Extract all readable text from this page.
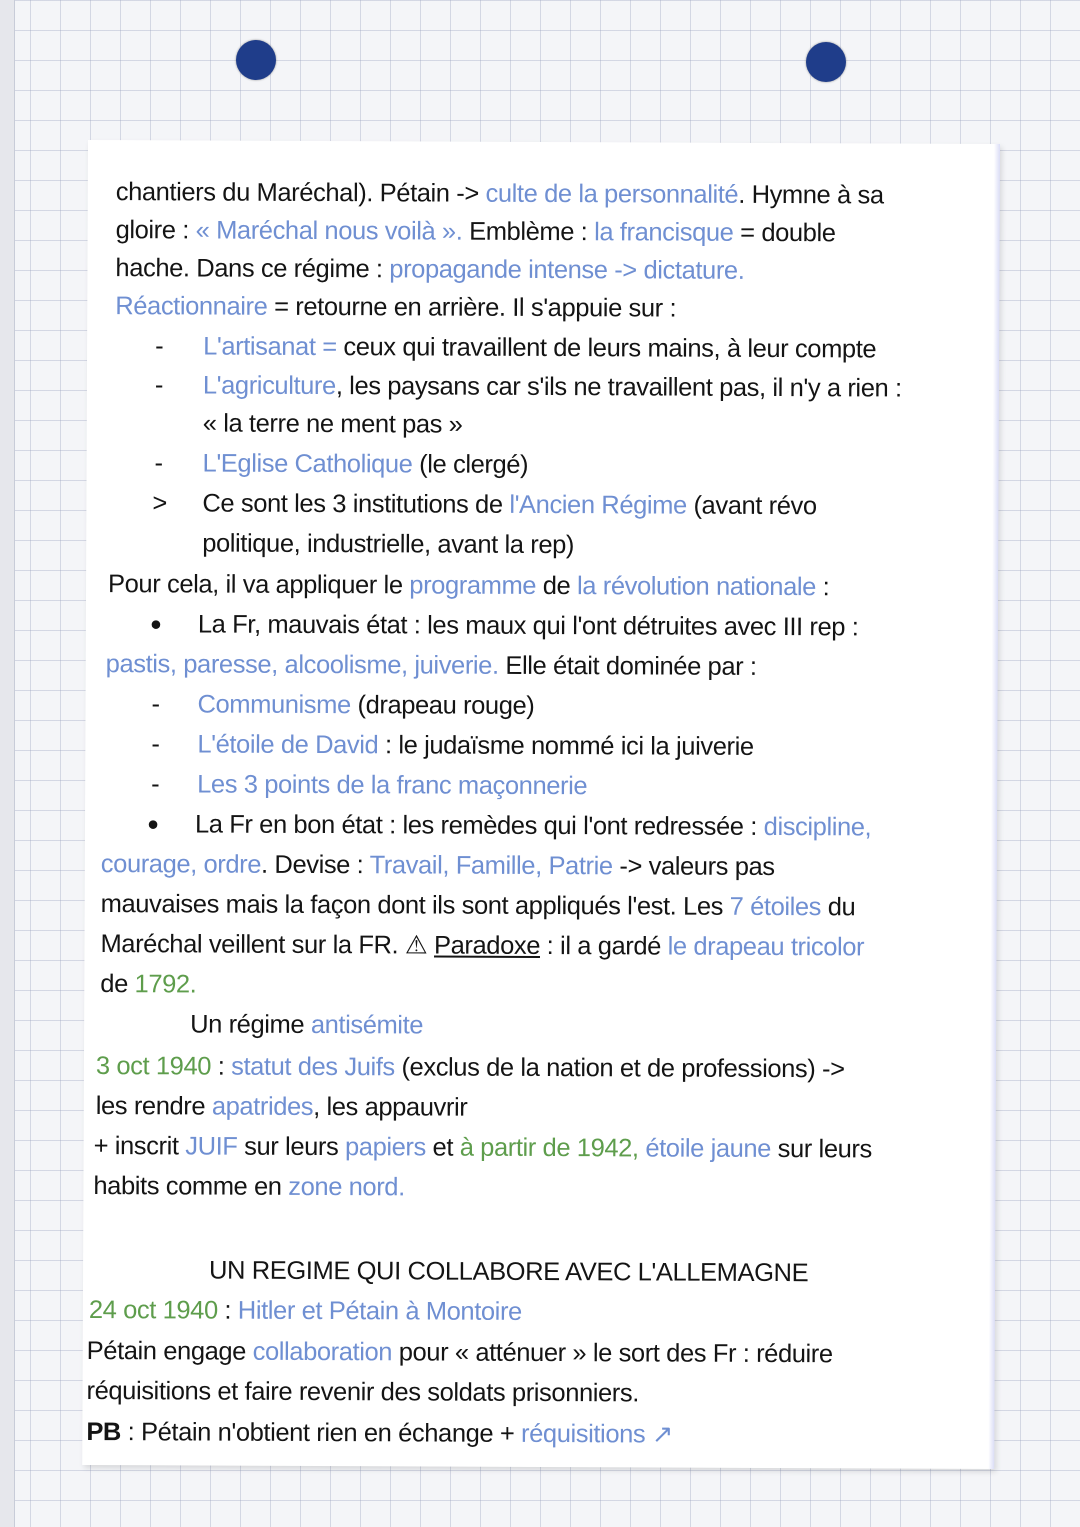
chantiers du Maréchal). Pétain -> culte de la personnalité. Hymne à sa
gloire : « Maréchal nous voilà ». Emblème : la francisque = double
hache. Dans ce régime : propagande intense -> dictature.
Réactionnaire = retourne en arrière. Il s'appuie sur :
- L'artisanat = ceux qui travaillent de leurs mains, à leur compte
- L'agriculture, les paysans car s'ils ne travaillent pas, il n'y a rien :
« la terre ne ment pas »
- L'Eglise Catholique (le clergé)
> Ce sont les 3 institutions de l'Ancien Régime (avant révo
politique, industrielle, avant la rep)
Pour cela, il va appliquer le programme de la révolution nationale :
● La Fr, mauvais état : les maux qui l'ont détruites avec III rep :
pastis, paresse, alcoolisme, juiverie. Elle était dominée par :
- Communisme (drapeau rouge)
- L'étoile de David : le judaïsme nommé ici la juiverie
- Les 3 points de la franc maçonnerie
● La Fr en bon état : les remèdes qui l'ont redressée : discipline,
courage, ordre. Devise : Travail, Famille, Patrie -> valeurs pas
mauvaises mais la façon dont ils sont appliqués l'est. Les 7 étoiles du
Maréchal veillent sur la FR. ⚠ Paradoxe : il a gardé le drapeau tricolor
de 1792.
Un régime antisémite
3 oct 1940 : statut des Juifs (exclus de la nation et de professions) ->
les rendre apatrides, les appauvrir
+ inscrit JUIF sur leurs papiers et à partir de 1942, étoile jaune sur leurs
habits comme en zone nord.
UN REGIME QUI COLLABORE AVEC L'ALLEMAGNE
24 oct 1940 : Hitler et Pétain à Montoire
Pétain engage collaboration pour « atténuer » le sort des Fr : réduire
réquisitions et faire revenir des soldats prisonniers.
PB : Pétain n'obtient rien en échange + réquisitions ↗
